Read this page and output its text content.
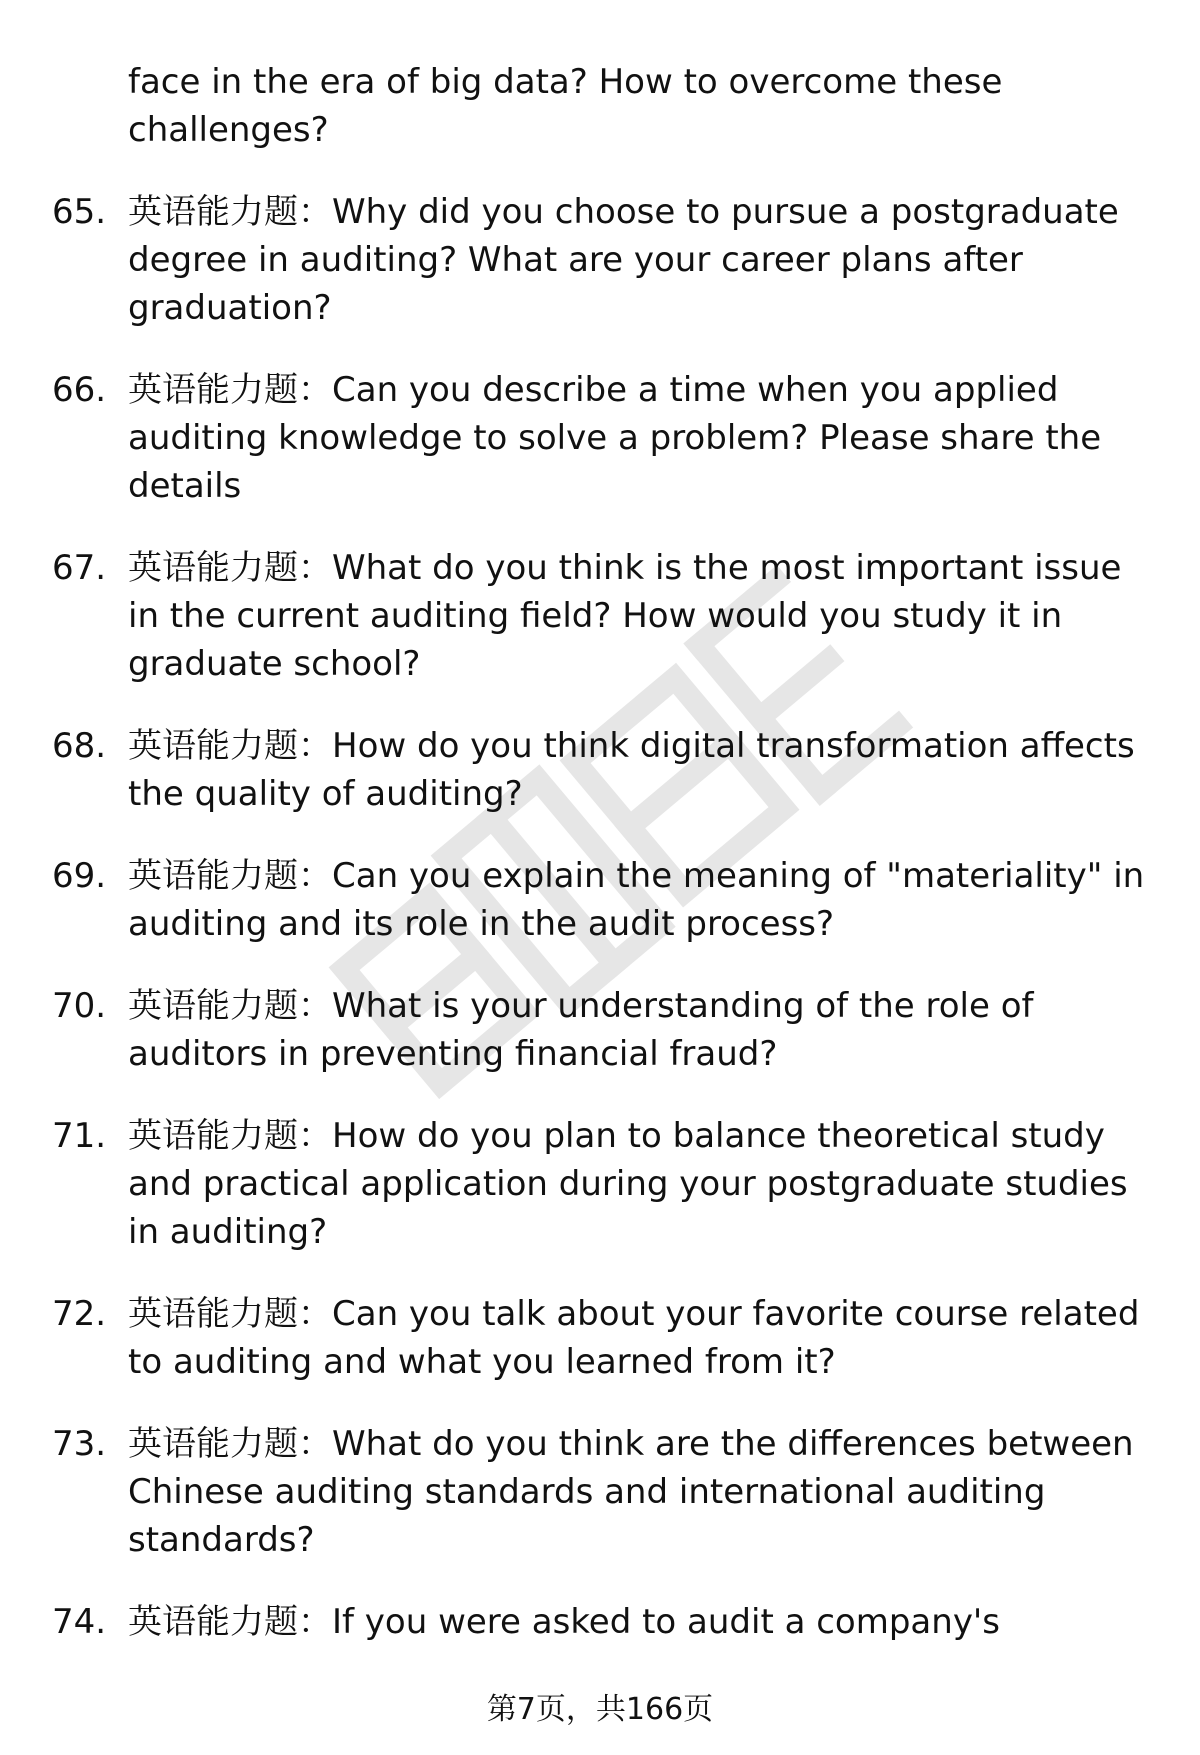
face in the era of big data? How to overcome these challenges?
65. 英语能力题：Why did you choose to pursue a postgraduate degree in auditing? What are your career plans after graduation?
66. 英语能力题：Can you describe a time when you applied auditing knowledge to solve a problem? Please share the details
67. 英语能力题：What do you think is the most important issue in the current auditing field? How would you study it in graduate school?
68. 英语能力题：How do you think digital transformation affects the quality of auditing?
69. 英语能力题：Can you explain the meaning of "materiality" in auditing and its role in the audit process?
70. 英语能力题：What is your understanding of the role of auditors in preventing financial fraud?
71. 英语能力题：How do you plan to balance theoretical study and practical application during your postgraduate studies in auditing?
72. 英语能力题：Can you talk about your favorite course related to auditing and what you learned from it?
73. 英语能力题：What do you think are the differences between Chinese auditing standards and international auditing standards?
74. 英语能力题：If you were asked to audit a company's
第7页，共166页
